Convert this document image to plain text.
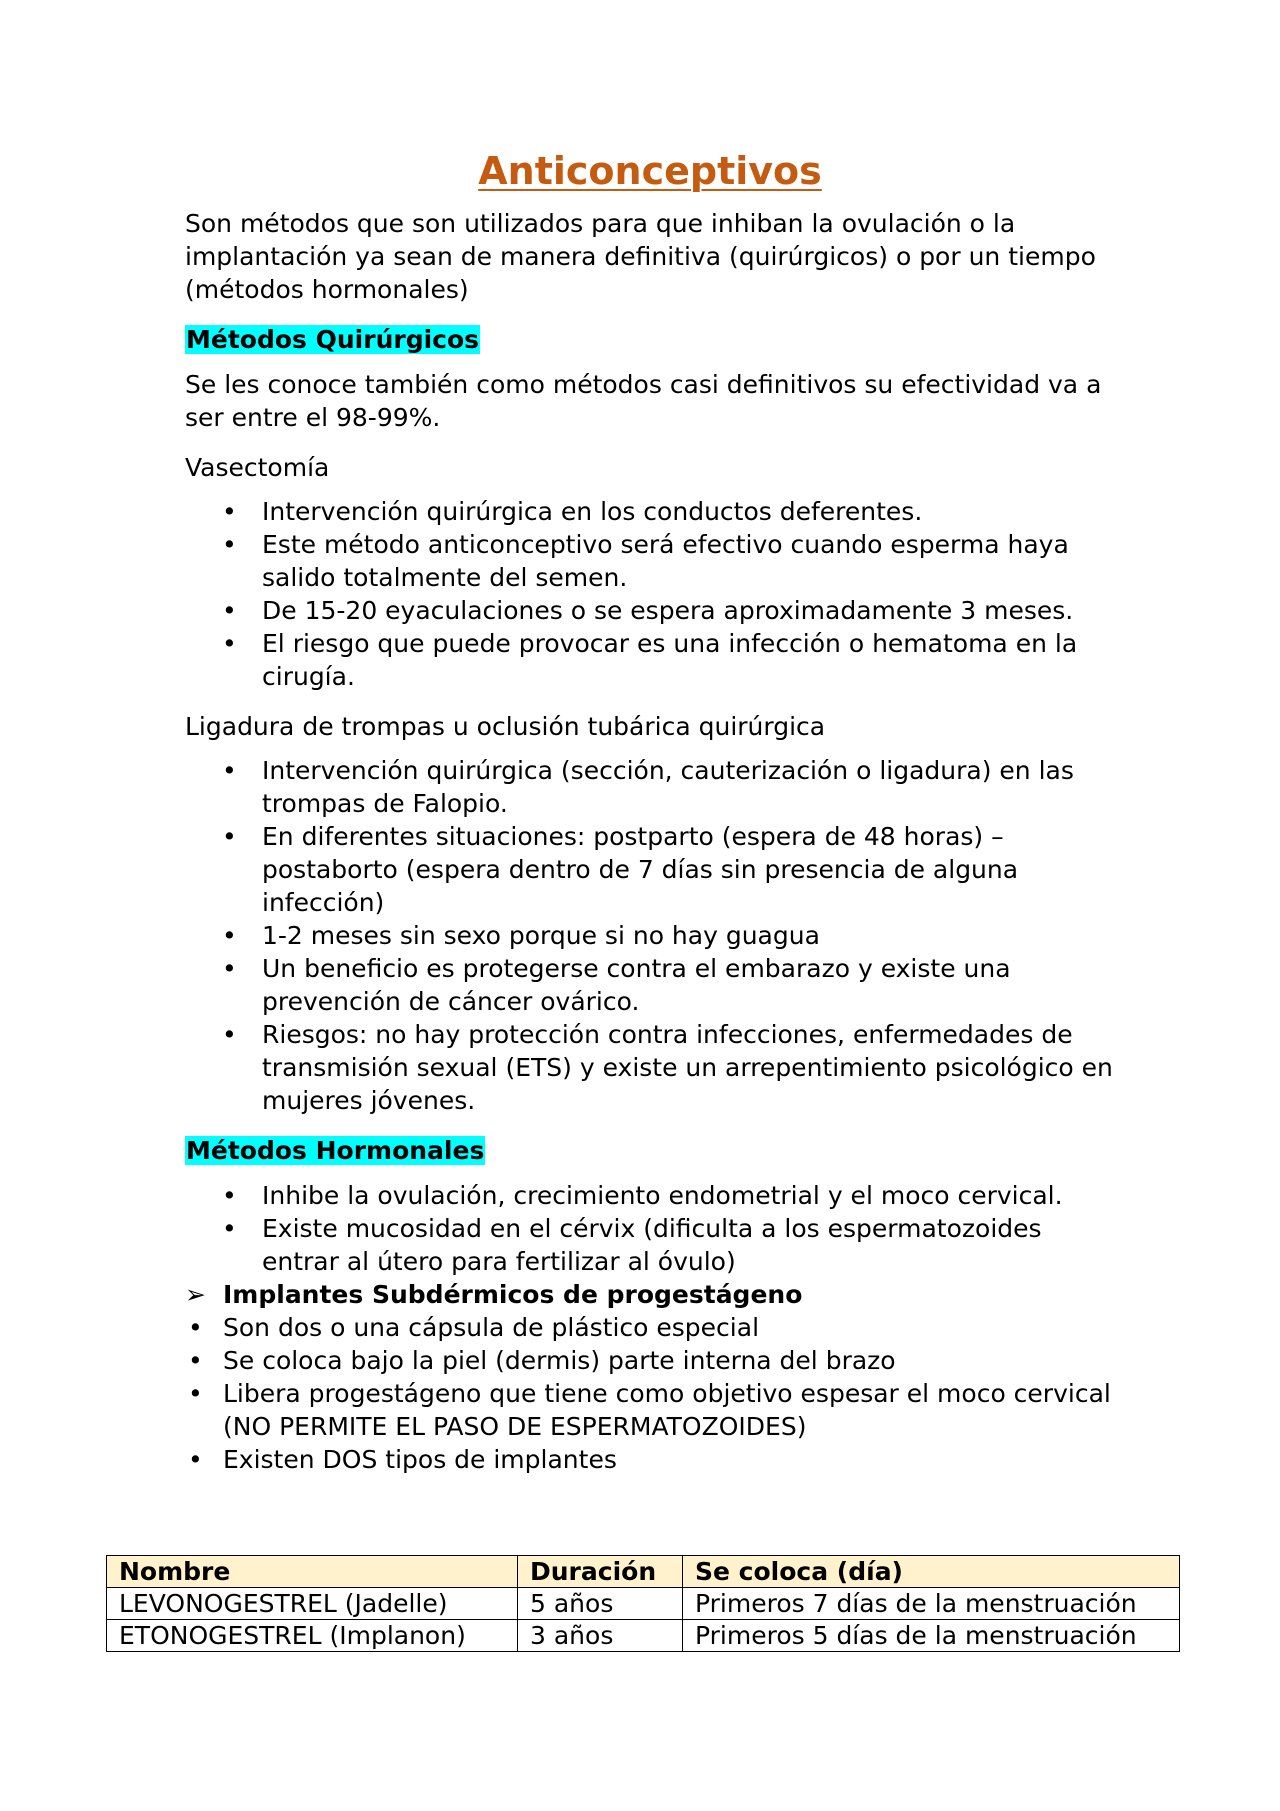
Anticonceptivos

Son métodos que son utilizados para que inhiban la ovulación o la implantación ya sean de manera definitiva (quirúrgicos) o por un tiempo (métodos hormonales)

Métodos Quirúrgicos

Se les conoce también como métodos casi definitivos su efectividad va a ser entre el 98-99%.

Vasectomía

• Intervención quirúrgica en los conductos deferentes.
• Este método anticonceptivo será efectivo cuando esperma haya salido totalmente del semen.
• De 15-20 eyaculaciones o se espera aproximadamente 3 meses.
• El riesgo que puede provocar es una infección o hematoma en la cirugía.

Ligadura de trompas u oclusión tubárica quirúrgica

• Intervención quirúrgica (sección, cauterización o ligadura) en las trompas de Falopio.
• En diferentes situaciones: postparto (espera de 48 horas) – postaborto (espera dentro de 7 días sin presencia de alguna infección)
• 1-2 meses sin sexo porque si no hay guagua
• Un beneficio es protegerse contra el embarazo y existe una prevención de cáncer ovárico.
• Riesgos: no hay protección contra infecciones, enfermedades de transmisión sexual (ETS) y existe un arrepentimiento psicológico en mujeres jóvenes.

Métodos Hormonales

• Inhibe la ovulación, crecimiento endometrial y el moco cervical.
• Existe mucosidad en el cérvix (dificulta a los espermatozoides entrar al útero para fertilizar al óvulo)

➢ Implantes Subdérmicos de progestágeno

• Son dos o una cápsula de plástico especial
• Se coloca bajo la piel (dermis) parte interna del brazo
• Libera progestágeno que tiene como objetivo espesar el moco cervical (NO PERMITE EL PASO DE ESPERMATOZOIDES)
• Existen DOS tipos de implantes
Nombre	Duración	Se coloca (día)
LEVONOGESTREL (Jadelle)	5 años	Primeros 7 días de la menstruación
ETONOGESTREL (Implanon)	3 años	Primeros 5 días de la menstruación
